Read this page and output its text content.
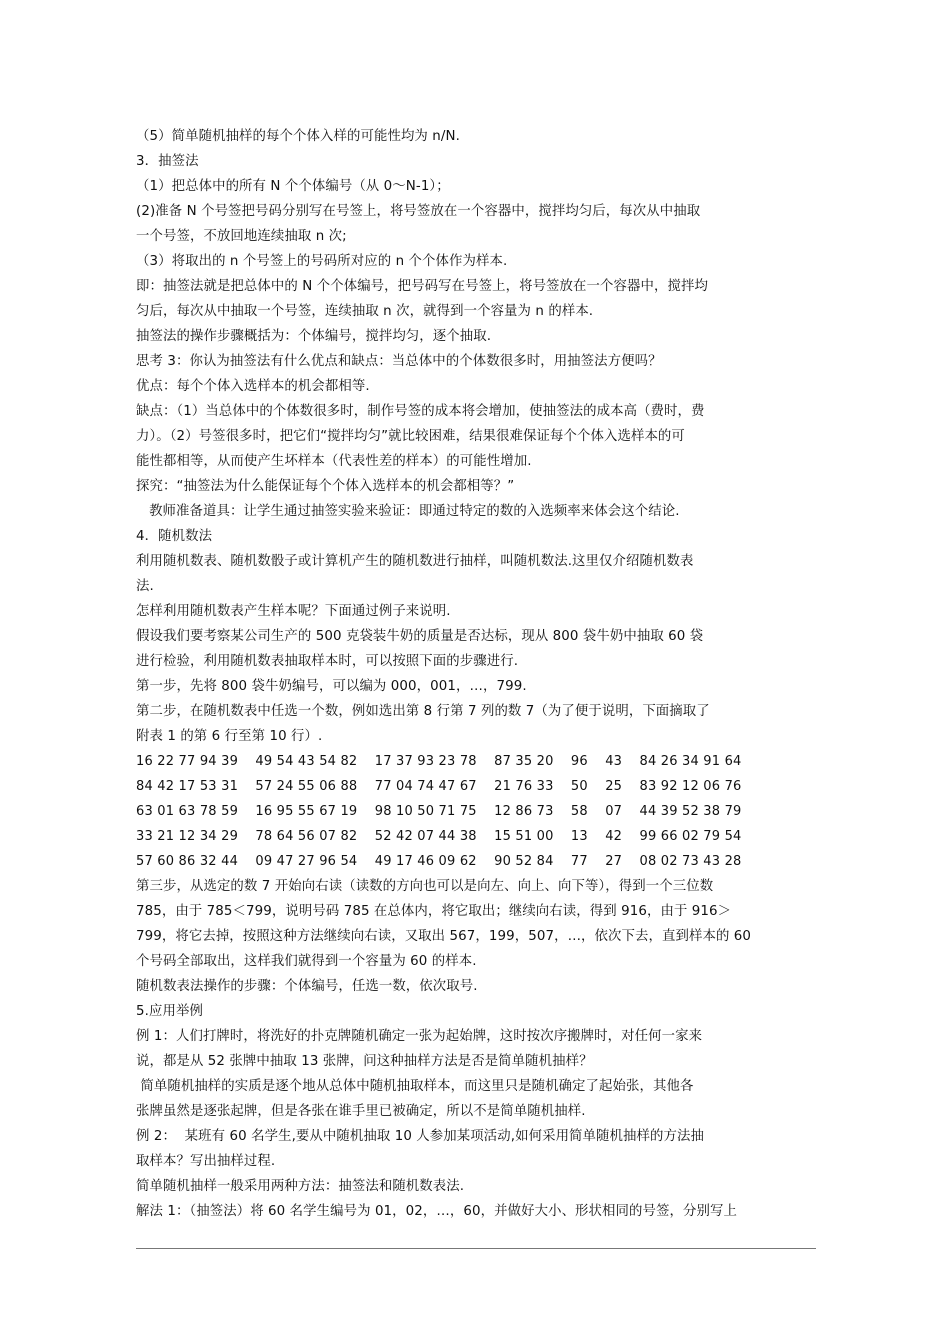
（5）简单随机抽样的每个个体入样的可能性均为 n/N.
3．抽签法
（1）把总体中的所有 N 个个体编号（从 0～N-1）；
(2)准备 N 个号签把号码分别写在号签上，将号签放在一个容器中，搅拌均匀后，每次从中抽取
一个号签，不放回地连续抽取 n 次;
（3）将取出的 n 个号签上的号码所对应的 n 个个体作为样本.
即：抽签法就是把总体中的 N 个个体编号，把号码写在号签上，将号签放在一个容器中，搅拌均
匀后，每次从中抽取一个号签，连续抽取 n 次，就得到一个容量为 n 的样本.
抽签法的操作步骤概括为：个体编号，搅拌均匀，逐个抽取.
思考 3：你认为抽签法有什么优点和缺点：当总体中的个体数很多时，用抽签法方便吗？
优点：每个个体入选样本的机会都相等.
缺点：（1）当总体中的个体数很多时，制作号签的成本将会增加，使抽签法的成本高（费时，费
力）。（2）号签很多时，把它们“搅拌均匀”就比较困难，结果很难保证每个个体入选样本的可
能性都相等，从而使产生坏样本（代表性差的样本）的可能性增加.
探究：“抽签法为什么能保证每个个体入选样本的机会都相等？”
教师准备道具：让学生通过抽签实验来验证：即通过特定的数的入选频率来体会这个结论.
4．随机数法
利用随机数表、随机数骰子或计算机产生的随机数进行抽样，叫随机数法.这里仅介绍随机数表
法.
怎样利用随机数表产生样本呢？下面通过例子来说明.
假设我们要考察某公司生产的 500 克袋装牛奶的质量是否达标，现从 800 袋牛奶中抽取 60 袋
进行检验，利用随机数表抽取样本时，可以按照下面的步骤进行.
第一步，先将 800 袋牛奶编号，可以编为 000，001，…，799.
第二步，在随机数表中任选一个数，例如选出第 8 行第 7 列的数 7（为了便于说明，下面摘取了
附表 1 的第 6 行至第 10 行）.
16 22 77 94 39    49 54 43 54 82    17 37 93 23 78    87 35 20    96    43    84 26 34 91 64
84 42 17 53 31    57 24 55 06 88    77 04 74 47 67    21 76 33    50    25    83 92 12 06 76
63 01 63 78 59    16 95 55 67 19    98 10 50 71 75    12 86 73    58    07    44 39 52 38 79
33 21 12 34 29    78 64 56 07 82    52 42 07 44 38    15 51 00    13    42    99 66 02 79 54
57 60 86 32 44    09 47 27 96 54    49 17 46 09 62    90 52 84    77    27    08 02 73 43 28
第三步，从选定的数 7 开始向右读（读数的方向也可以是向左、向上、向下等），得到一个三位数
785，由于 785＜799，说明号码 785 在总体内，将它取出；继续向右读，得到 916，由于 916＞
799，将它去掉，按照这种方法继续向右读，又取出 567，199，507，…，依次下去，直到样本的 60
个号码全部取出，这样我们就得到一个容量为 60 的样本.
随机数表法操作的步骤：个体编号，任选一数，依次取号.
5.应用举例
例 1：人们打牌时，将洗好的扑克牌随机确定一张为起始牌，这时按次序搬牌时，对任何一家来
说，都是从 52 张牌中抽取 13 张牌，问这种抽样方法是否是简单随机抽样？
简单随机抽样的实质是逐个地从总体中随机抽取样本，而这里只是随机确定了起始张，其他各
张牌虽然是逐张起牌，但是各张在谁手里已被确定，所以不是简单随机抽样.
例 2：  某班有 60 名学生,要从中随机抽取 10 人参加某项活动,如何采用简单随机抽样的方法抽
取样本？写出抽样过程.
简单随机抽样一般采用两种方法：抽签法和随机数表法.
解法 1：（抽签法）将 60 名学生编号为 01，02，…，60，并做好大小、形状相同的号签，分别写上
